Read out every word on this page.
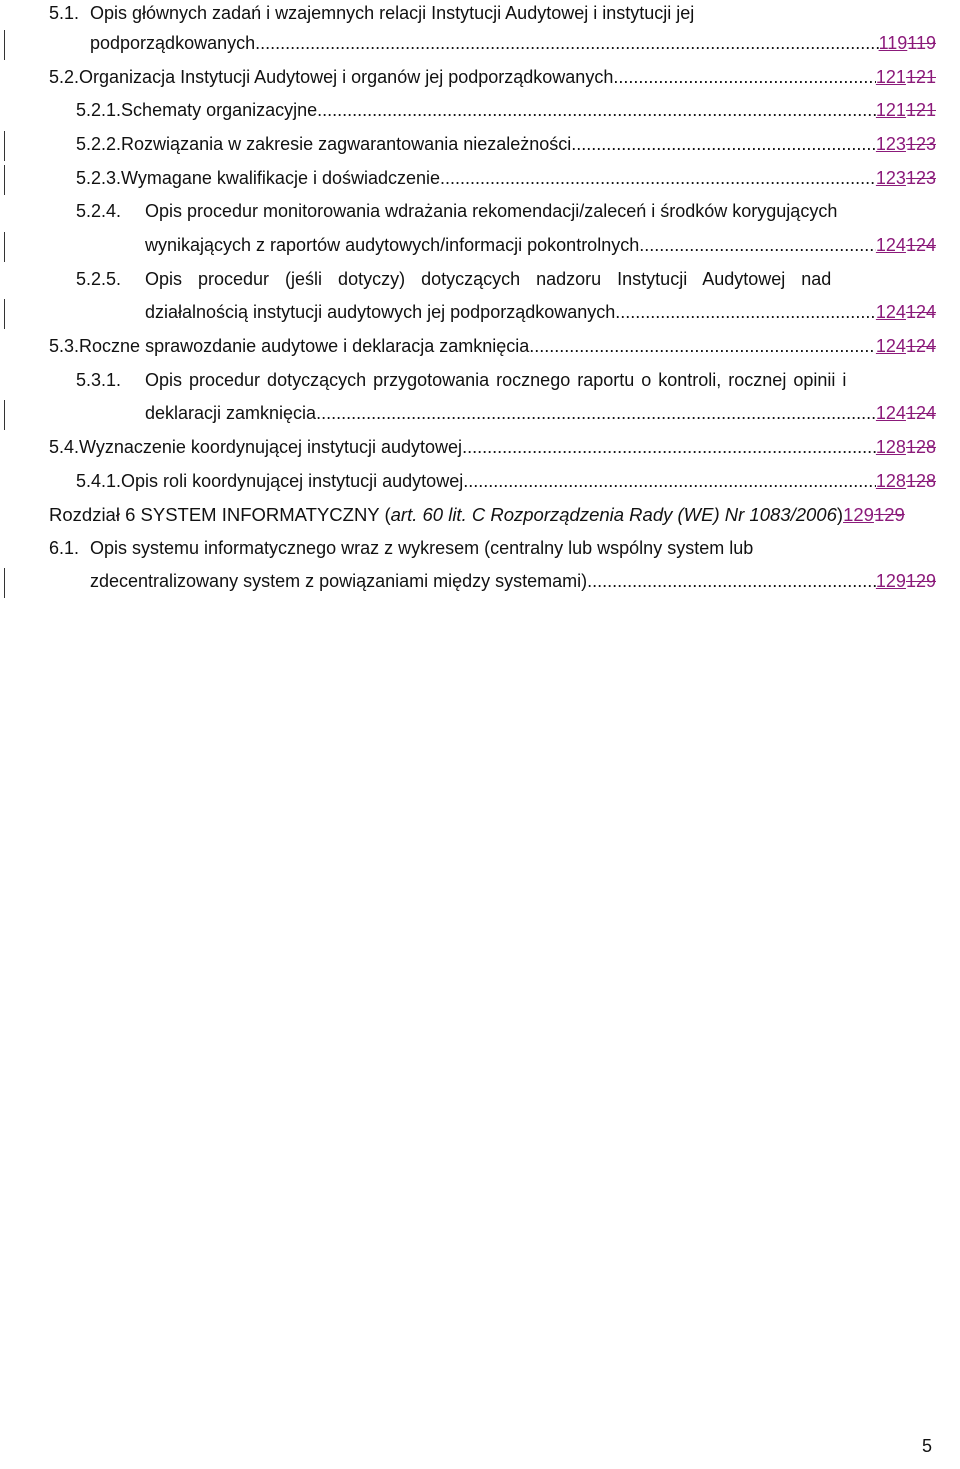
5.1. Opis głównych zadań i wzajemnych relacji Instytucji Audytowej i instytucji jej
podporządkowanych .....	119 119
5.2. Organizacja Instytucji Audytowej i organów jej podporządkowanych .....	121 121
5.2.1. Schematy organizacyjne .....	121 121
5.2.2. Rozwiązania w zakresie zagwarantowania niezależności .....	123 123
5.2.3. Wymagane kwalifikacje i doświadczenie .....	123 123
5.2.4.	Opis procedur monitorowania wdrażania rekomendacji/zaleceń i środków korygujących
wynikających z raportów audytowych/informacji pokontrolnych .....	124 124
5.2.5.	Opis procedur (jeśli dotyczy) dotyczących nadzoru Instytucji Audytowej nad
działalnością instytucji audytowych jej podporządkowanych .....	124 124
5.3. Roczne sprawozdanie audytowe i deklaracja zamknięcia .....	124 124
5.3.1.	Opis procedur dotyczących przygotowania rocznego raportu o kontroli, rocznej opinii i
deklaracji zamknięcia .....	124 124
5.4. Wyznaczenie koordynującej instytucji audytowej .....	128 128
5.4.1. Opis roli koordynującej instytucji audytowej .....	128 128
Rozdział 6 SYSTEM INFORMATYCZNY ( art. 60 lit. C Rozporządzenia Rady (WE) Nr 1083/2006 ) 129 129
6.1. Opis systemu informatycznego wraz z wykresem (centralny lub wspólny system lub
zdecentralizowany system z powiązaniami między systemami) .....	129 129
5
